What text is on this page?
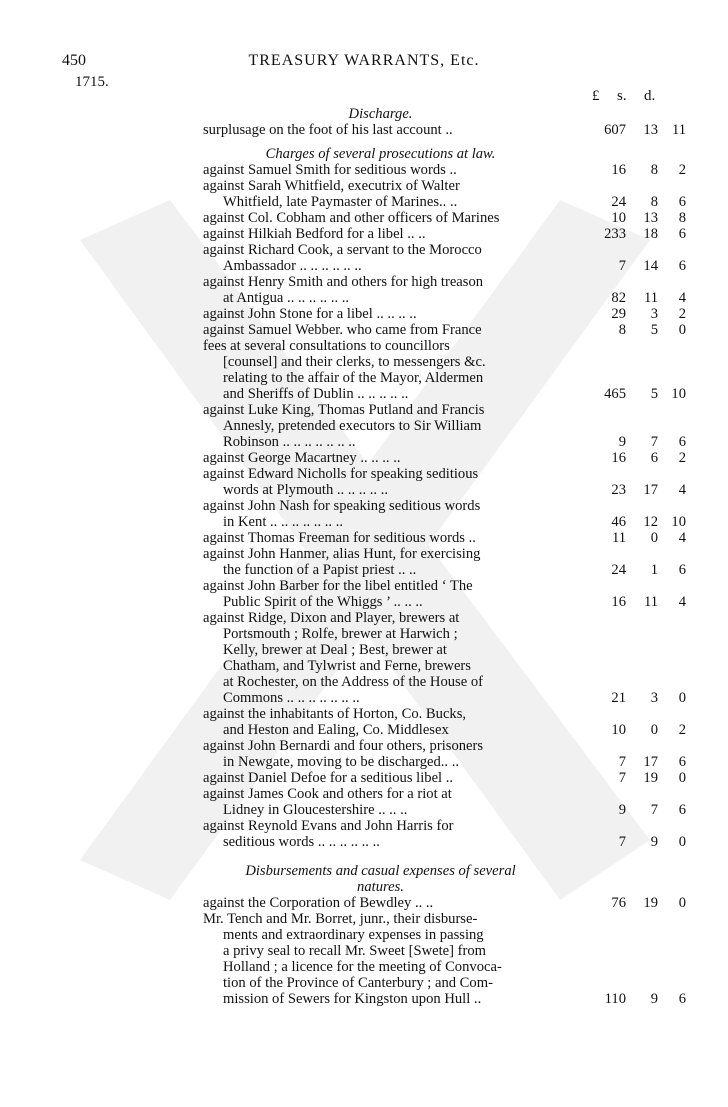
450	TREASURY WARRANTS, Etc.
1715.
£ s. d.
Discharge.
surplusage on the foot of his last account ..	607 13 11
Charges of several prosecutions at law.
against Samuel Smith for seditious words ..	16 8 2
against Sarah Whitfield, executrix of Walter
Whitfield, late Paymaster of Marines.. ..	24 8 6
against Col. Cobham and other officers of Marines	10 13 8
against Hilkiah Bedford for a libel .. ..	233 18 6
against Richard Cook, a servant to the Morocco
Ambassador .. .. .. .. .. ..	7 14 6
against Henry Smith and others for high treason
at Antigua .. .. .. .. .. ..	82 11 4
against John Stone for a libel .. .. .. ..	29 3 2
against Samuel Webber. who came from France	8 5 0
fees at several consultations to councillors
[counsel] and their clerks, to messengers &c.
relating to the affair of the Mayor, Aldermen
and Sheriffs of Dublin .. .. .. .. ..	465 5 10
against Luke King, Thomas Putland and Francis
Annesly, pretended executors to Sir William
Robinson .. .. .. .. .. .. ..	9 7 6
against George Macartney .. .. .. ..	16 6 2
against Edward Nicholls for speaking seditious
words at Plymouth .. .. .. .. ..	23 17 4
against John Nash for speaking seditious words
in Kent .. .. .. .. .. .. ..	46 12 10
against Thomas Freeman for seditious words ..	11 0 4
against John Hanmer, alias Hunt, for exercising
the function of a Papist priest .. ..	24 1 6
against John Barber for the libel entitled ‘ The
Public Spirit of the Whiggs ’ .. .. ..	16 11 4
against Ridge, Dixon and Player, brewers at
Portsmouth ; Rolfe, brewer at Harwich ;
Kelly, brewer at Deal ; Best, brewer at
Chatham, and Tylwrist and Ferne, brewers
at Rochester, on the Address of the House of
Commons .. .. .. .. .. .. ..	21 3 0
against the inhabitants of Horton, Co. Bucks,
and Heston and Ealing, Co. Middlesex	10 0 2
against John Bernardi and four others, prisoners
in Newgate, moving to be discharged.. ..	7 17 6
against Daniel Defoe for a seditious libel ..	7 19 0
against James Cook and others for a riot at
Lidney in Gloucestershire .. .. ..	9 7 6
against Reynold Evans and John Harris for
seditious words .. .. .. .. .. ..	7 9 0
Disbursements and casual expenses of several
natures.
against the Corporation of Bewdley .. ..	76 19 0
Mr. Tench and Mr. Borret, junr., their disburse-
ments and extraordinary expenses in passing
a privy seal to recall Mr. Sweet [Swete] from
Holland ; a licence for the meeting of Convoca-
tion of the Province of Canterbury ; and Com-
mission of Sewers for Kingston upon Hull ..	110 9 6
